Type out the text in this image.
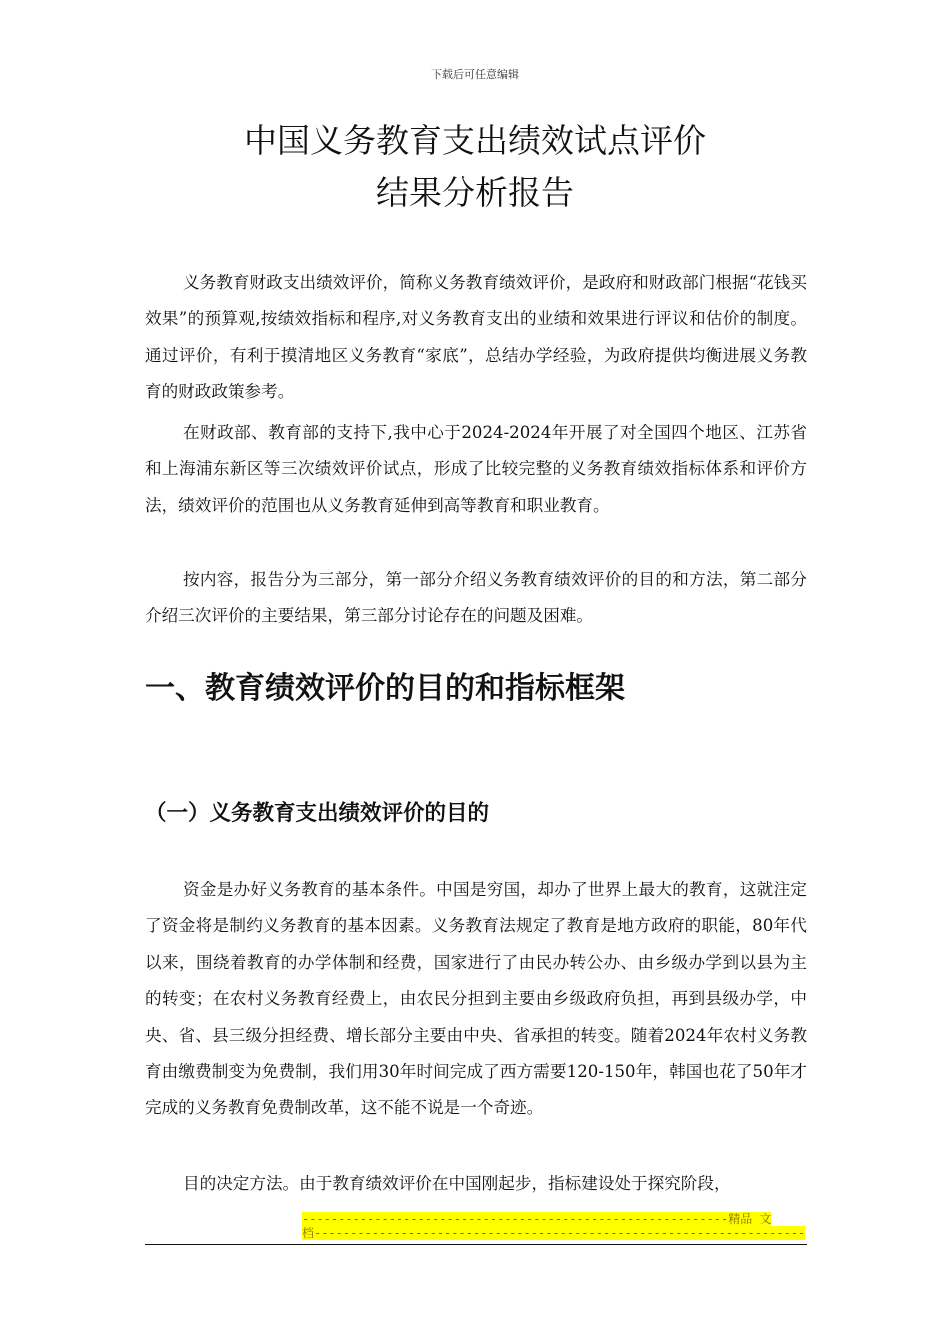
下载后可任意编辑
中国义务教育支出绩效试点评价
结果分析报告

义务教育财政支出绩效评价，简称义务教育绩效评价，是政府和财政部门根据“花钱买效果”的预算观,按绩效指标和程序,对义务教育支出的业绩和效果进行评议和估价的制度。通过评价，有利于摸清地区义务教育“家底”，总结办学经验，为政府提供均衡进展义务教育的财政政策参考。

在财政部、教育部的支持下,我中心于2024-2024年开展了对全国四个地区、江苏省和上海浦东新区等三次绩效评价试点，形成了比较完整的义务教育绩效指标体系和评价方法，绩效评价的范围也从义务教育延伸到高等教育和职业教育。

按内容，报告分为三部分，第一部分介绍义务教育绩效评价的目的和方法，第二部分介绍三次评价的主要结果，第三部分讨论存在的问题及困难。

一、教育绩效评价的目的和指标框架
（一）义务教育支出绩效评价的目的

资金是办好义务教育的基本条件。中国是穷国，却办了世界上最大的教育，这就注定了资金将是制约义务教育的基本因素。义务教育法规定了教育是地方政府的职能，80年代以来，围绕着教育的办学体制和经费，国家进行了由民办转公办、由乡级办学到以县为主的转变；在农村义务教育经费上，由农民分担到主要由乡级政府负担，再到县级办学，中央、省、县三级分担经费、增长部分主要由中央、省承担的转变。随着2024年农村义务教育由缴费制变为免费制，我们用30年时间完成了西方需要120-150年，韩国也花了50年才完成的义务教育免费制改革，这不能不说是一个奇迹。

目的决定方法。由于教育绩效评价在中国刚起步，指标建设处于探究阶段，

-----------------------------------------------------------精品 文
档--------------------------------------------------------------------
